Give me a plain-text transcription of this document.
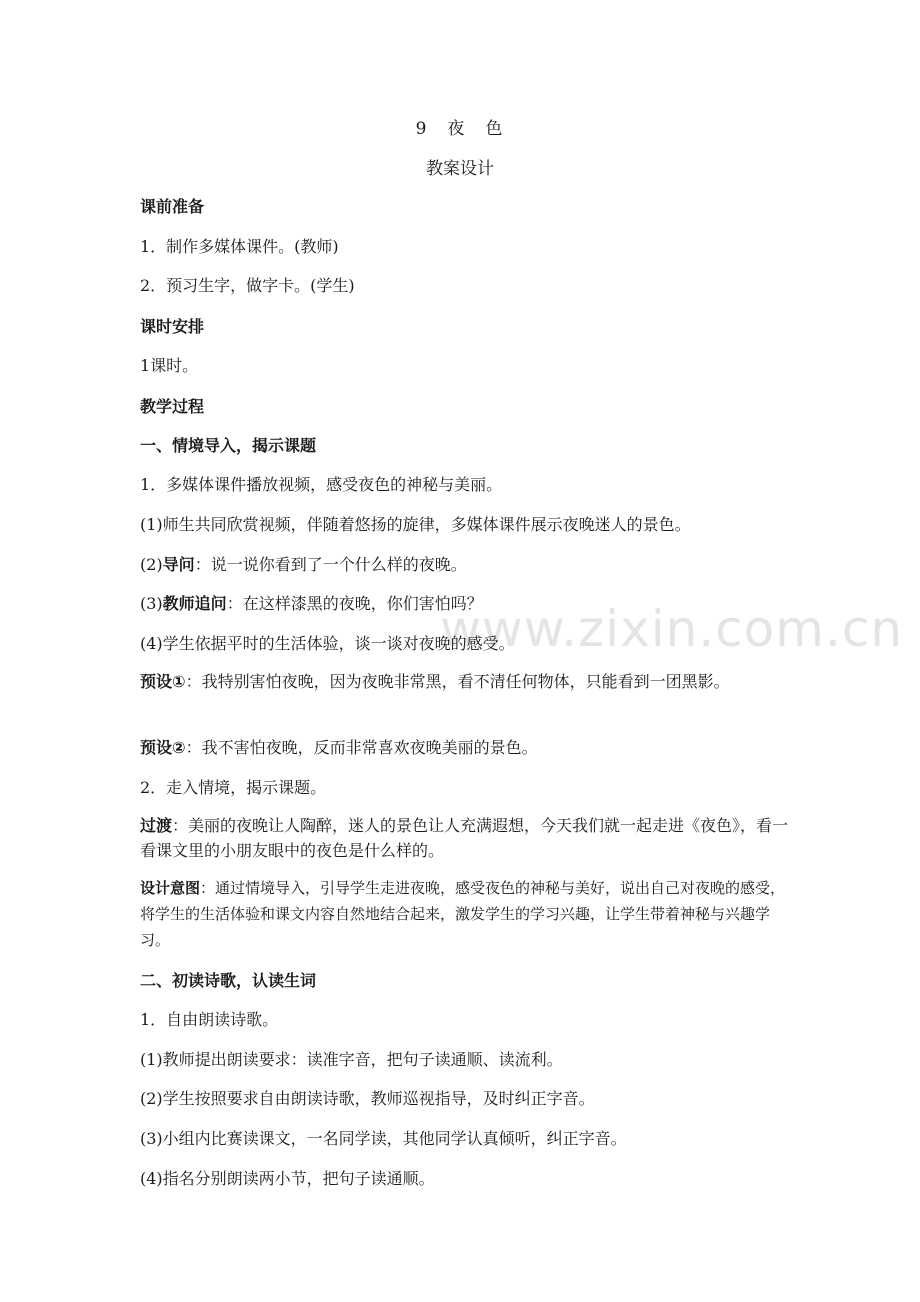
www.zixin.com.cn
9　夜　色
教案设计
课前准备
1．制作多媒体课件。(教师)
2．预习生字，做字卡。(学生)
课时安排
1课时。
教学过程
一、情境导入，揭示课题
1．多媒体课件播放视频，感受夜色的神秘与美丽。
(1)师生共同欣赏视频，伴随着悠扬的旋律，多媒体课件展示夜晚迷人的景色。
(2)导问：说一说你看到了一个什么样的夜晚。
(3)教师追问：在这样漆黑的夜晚，你们害怕吗？
(4)学生依据平时的生活体验，谈一谈对夜晚的感受。
预设①：我特别害怕夜晚，因为夜晚非常黑，看不清任何物体，只能看到一团黑影。
预设②：我不害怕夜晚，反而非常喜欢夜晚美丽的景色。
2．走入情境，揭示课题。
过渡：美丽的夜晚让人陶醉，迷人的景色让人充满遐想，今天我们就一起走进《夜色》，看一看课文里的小朋友眼中的夜色是什么样的。
设计意图：通过情境导入，引导学生走进夜晚，感受夜色的神秘与美好，说出自己对夜晚的感受，将学生的生活体验和课文内容自然地结合起来，激发学生的学习兴趣，让学生带着神秘与兴趣学习。
二、初读诗歌，认读生词
1．自由朗读诗歌。
(1)教师提出朗读要求：读准字音，把句子读通顺、读流利。
(2)学生按照要求自由朗读诗歌，教师巡视指导，及时纠正字音。
(3)小组内比赛读课文，一名同学读，其他同学认真倾听，纠正字音。
(4)指名分别朗读两小节，把句子读通顺。
